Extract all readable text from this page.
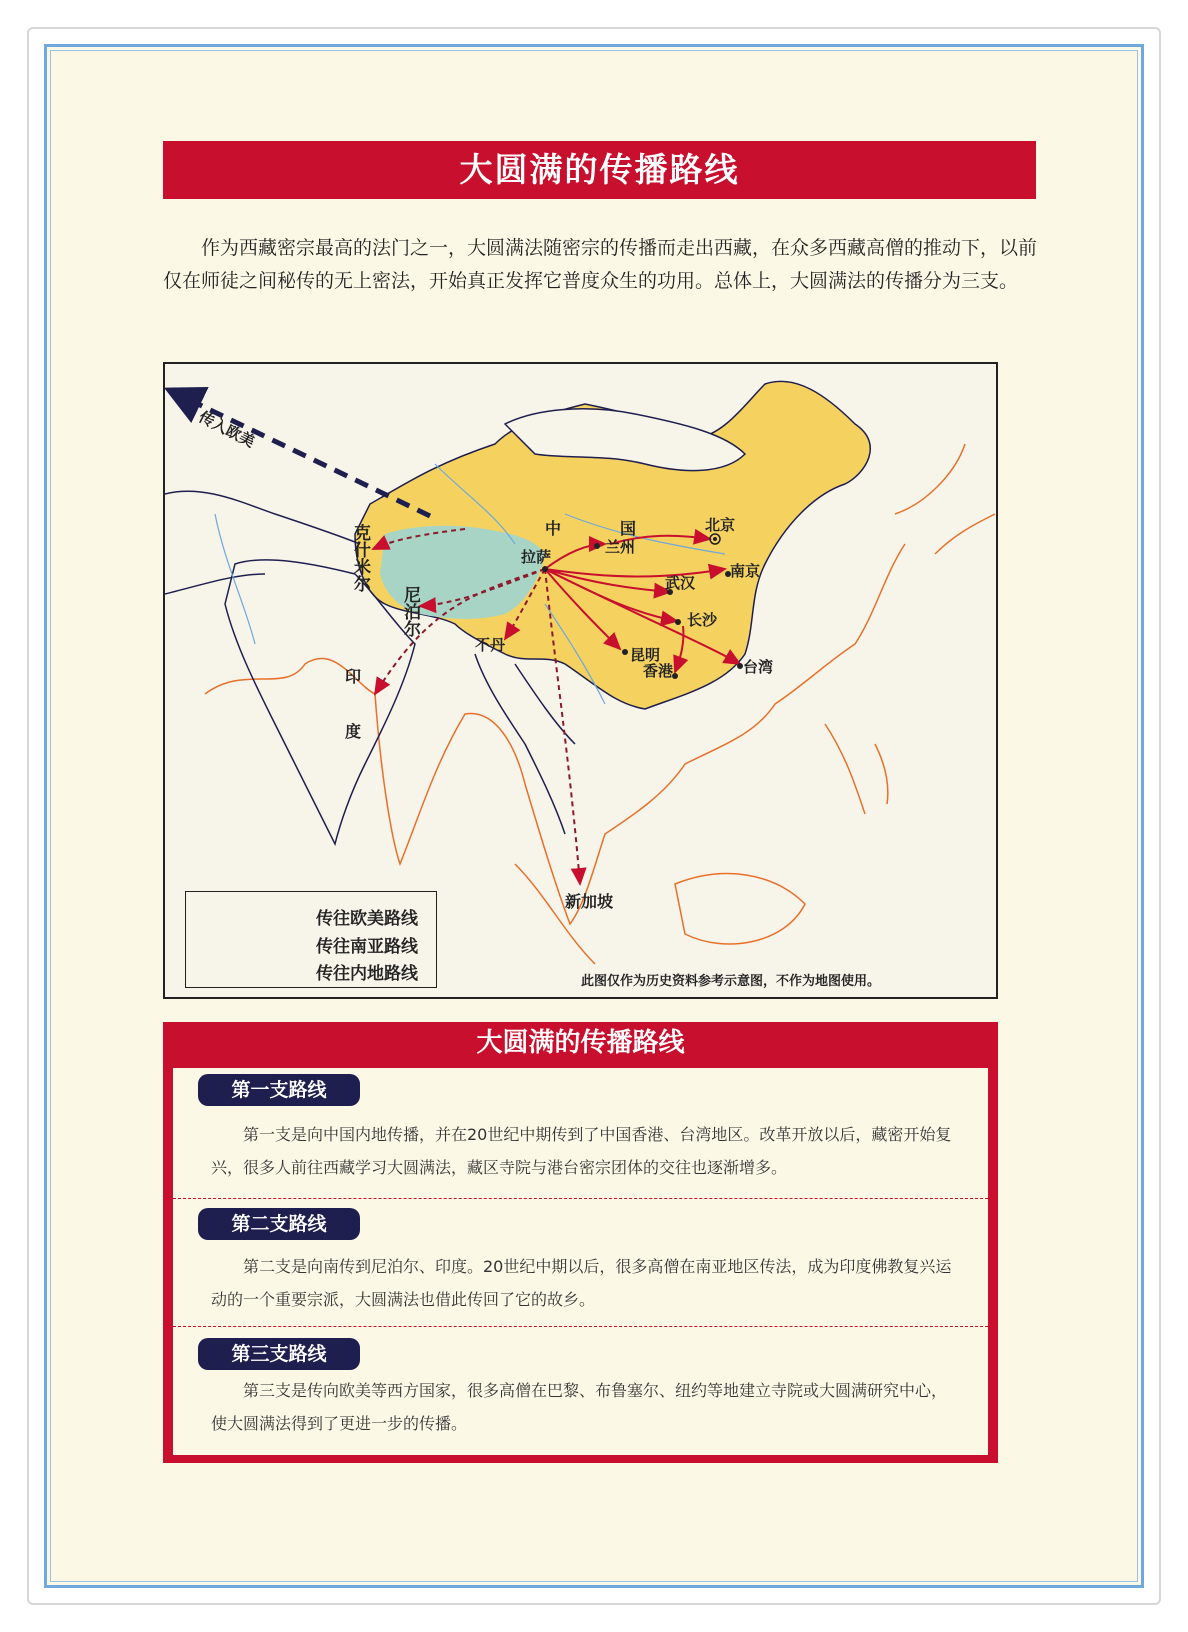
大圆满的传播路线

作为西藏密宗最高的法门之一，大圆满法随密宗的传播而走出西藏，在众多西藏高僧的推动下，以前仅在师徒之间秘传的无上密法，开始真正发挥它普度众生的功用。总体上，大圆满法的传播分为三支。

传入欧美
中	国
克什米尔
尼泊尔
不丹
印
度
拉萨
兰州
北京
南京
武汉
长沙
昆明
香港	台湾
新加坡
传往欧美路线
传往南亚路线
传往内地路线	此图仅作为历史资料参考示意图，不作为地图使用。
大圆满的传播路线
第一支路线

第一支是向中国内地传播，并在20世纪中期传到了中国香港、台湾地区。改革开放以后，藏密开始复兴，很多人前往西藏学习大圆满法，藏区寺院与港台密宗团体的交往也逐渐增多。

第二支路线

第二支是向南传到尼泊尔、印度。20世纪中期以后，很多高僧在南亚地区传法，成为印度佛教复兴运动的一个重要宗派，大圆满法也借此传回了它的故乡。

第三支路线

第三支是传向欧美等西方国家，很多高僧在巴黎、布鲁塞尔、纽约等地建立寺院或大圆满研究中心，使大圆满法得到了更进一步的传播。
